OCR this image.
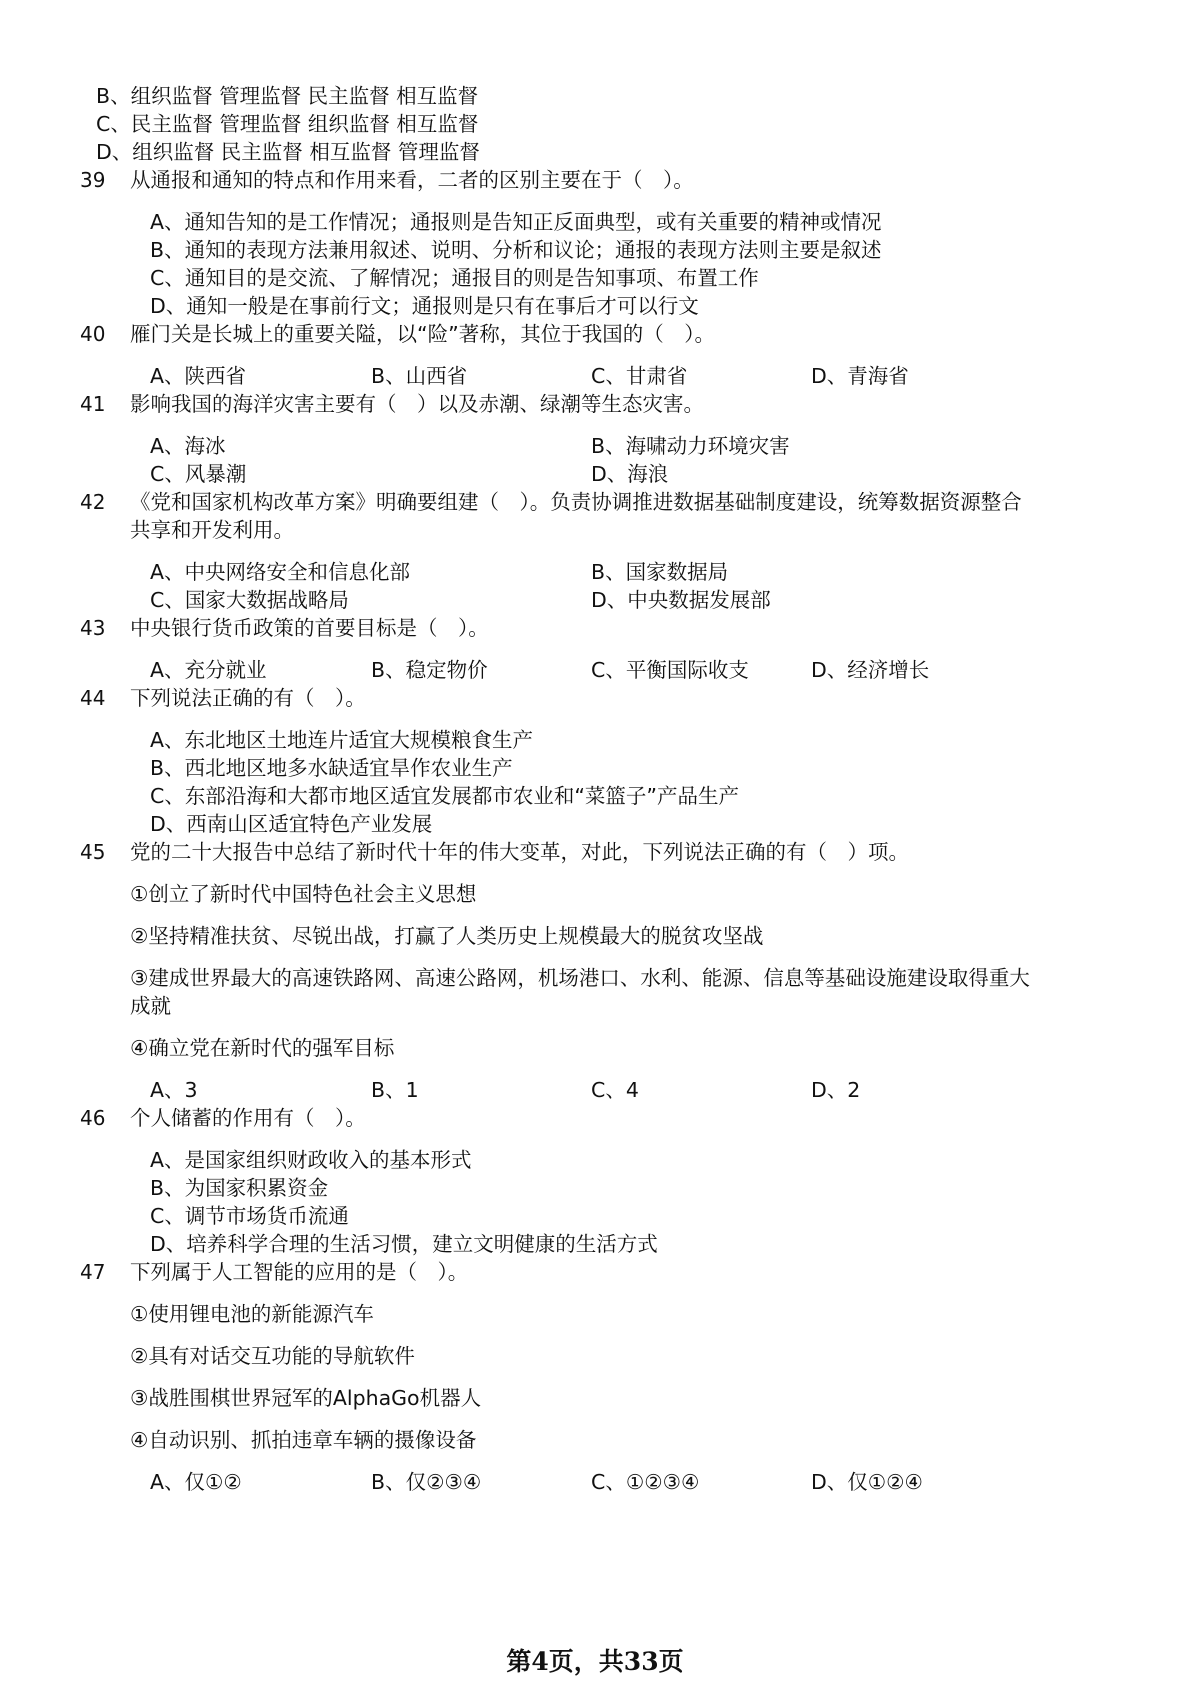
B、组织监督 管理监督 民主监督 相互监督
C、民主监督 管理监督 组织监督 相互监督
D、组织监督 民主监督 相互监督 管理监督
39 从通报和通知的特点和作用来看，二者的区别主要在于（　）。
A、通知告知的是工作情况；通报则是告知正反面典型，或有关重要的精神或情况
B、通知的表现方法兼用叙述、说明、分析和议论；通报的表现方法则主要是叙述
C、通知目的是交流、了解情况；通报目的则是告知事项、布置工作
D、通知一般是在事前行文；通报则是只有在事后才可以行文
40 雁门关是长城上的重要关隘，以“险”著称，其位于我国的（　）。
A、陕西省	B、山西省	C、甘肃省	D、青海省
41 影响我国的海洋灾害主要有（　）以及赤潮、绿潮等生态灾害。
A、海冰	B、海啸动力环境灾害
C、风暴潮	D、海浪
42 《党和国家机构改革方案》明确要组建（　）。负责协调推进数据基础制度建设，统筹数据资源整合
共享和开发利用。
A、中央网络安全和信息化部	B、国家数据局
C、国家大数据战略局	D、中央数据发展部
43 中央银行货币政策的首要目标是（　）。
A、充分就业	B、稳定物价	C、平衡国际收支	D、经济增长
44 下列说法正确的有（　）。
A、东北地区土地连片适宜大规模粮食生产
B、西北地区地多水缺适宜旱作农业生产
C、东部沿海和大都市地区适宜发展都市农业和“菜篮子”产品生产
D、西南山区适宜特色产业发展
45 党的二十大报告中总结了新时代十年的伟大变革，对此，下列说法正确的有（　）项。
①创立了新时代中国特色社会主义思想
②坚持精准扶贫、尽锐出战，打赢了人类历史上规模最大的脱贫攻坚战
③建成世界最大的高速铁路网、高速公路网，机场港口、水利、能源、信息等基础设施建设取得重大
成就
④确立党在新时代的强军目标
A、3	B、1	C、4	D、2
46 个人储蓄的作用有（　）。
A、是国家组织财政收入的基本形式
B、为国家积累资金
C、调节市场货币流通
D、培养科学合理的生活习惯，建立文明健康的生活方式
47 下列属于人工智能的应用的是（　）。
①使用锂电池的新能源汽车
②具有对话交互功能的导航软件
③战胜围棋世界冠军的AlphaGo机器人
④自动识别、抓拍违章车辆的摄像设备
A、仅①②	B、仅②③④	C、①②③④	D、仅①②④
第4页，共33页
